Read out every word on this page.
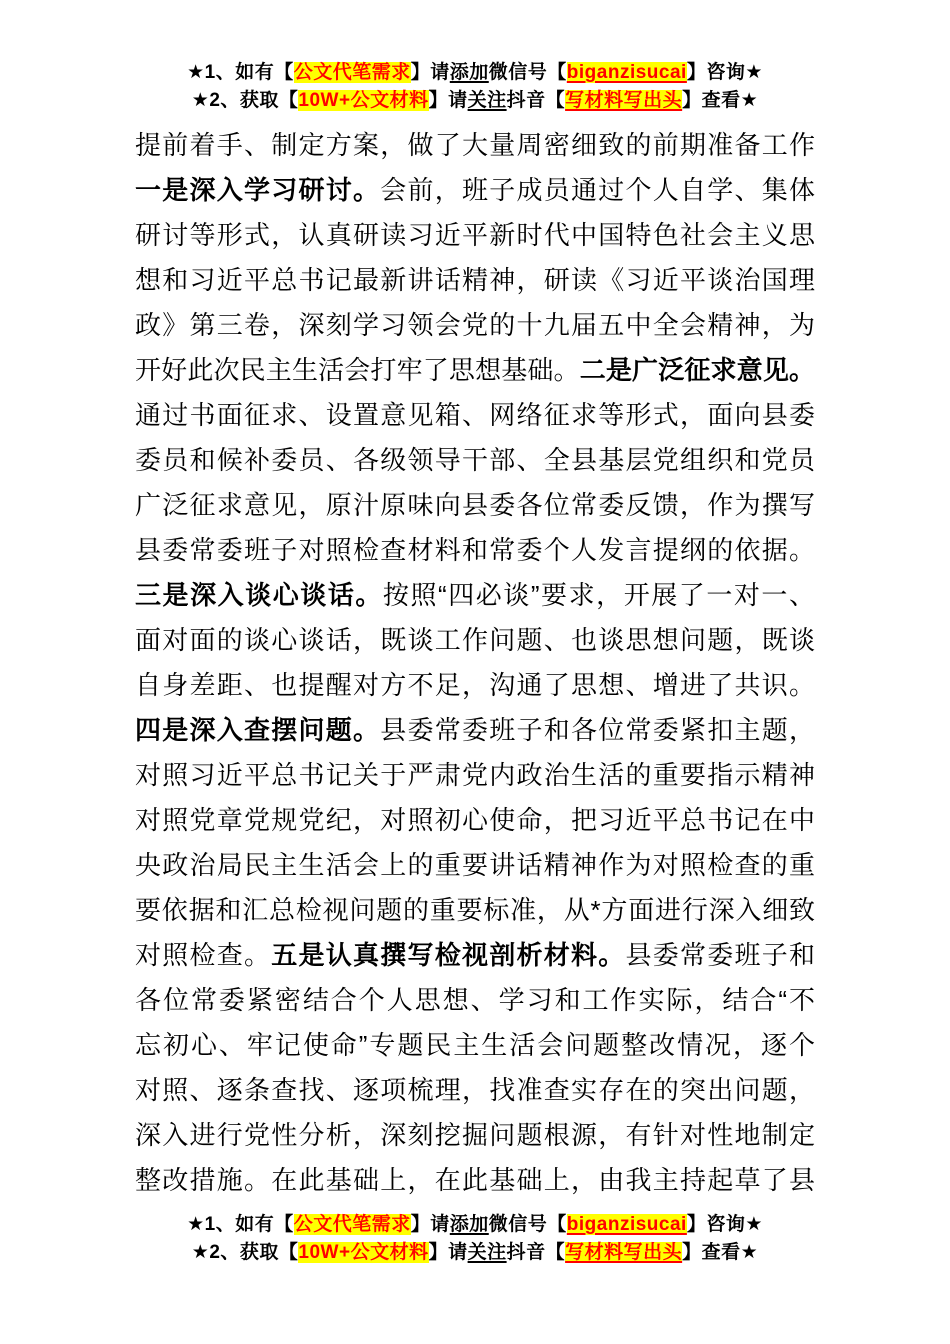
★1、如有【公文代笔需求】请添加微信号【biganzisucai】咨询★
★2、获取【10W+公文材料】请关注抖音【写材料写出头】查看★
提前着手、制定方案，做了大量周密细致的前期准备工作
一是深入学习研讨。会前，班子成员通过个人自学、集体
研讨等形式，认真研读习近平新时代中国特色社会主义思
想和习近平总书记最新讲话精神，研读《习近平谈治国理
政》第三卷，深刻学习领会党的十九届五中全会精神，为
开好此次民主生活会打牢了思想基础。二是广泛征求意见。
通过书面征求、设置意见箱、网络征求等形式，面向县委
委员和候补委员、各级领导干部、全县基层党组织和党员
广泛征求意见，原汁原味向县委各位常委反馈，作为撰写
县委常委班子对照检查材料和常委个人发言提纲的依据。
三是深入谈心谈话。按照“四必谈”要求，开展了一对一、
面对面的谈心谈话，既谈工作问题、也谈思想问题，既谈
自身差距、也提醒对方不足，沟通了思想、增进了共识。
四是深入查摆问题。县委常委班子和各位常委紧扣主题，
对照习近平总书记关于严肃党内政治生活的重要指示精神
对照党章党规党纪，对照初心使命，把习近平总书记在中
央政治局民主生活会上的重要讲话精神作为对照检查的重
要依据和汇总检视问题的重要标准，从*方面进行深入细致
对照检查。五是认真撰写检视剖析材料。县委常委班子和
各位常委紧密结合个人思想、学习和工作实际，结合“不
忘初心、牢记使命”专题民主生活会问题整改情况，逐个
对照、逐条查找、逐项梳理，找准查实存在的突出问题，
深入进行党性分析，深刻挖掘问题根源，有针对性地制定
整改措施。在此基础上，在此基础上，由我主持起草了县
★1、如有【公文代笔需求】请添加微信号【biganzisucai】咨询★
★2、获取【10W+公文材料】请关注抖音【写材料写出头】查看★
